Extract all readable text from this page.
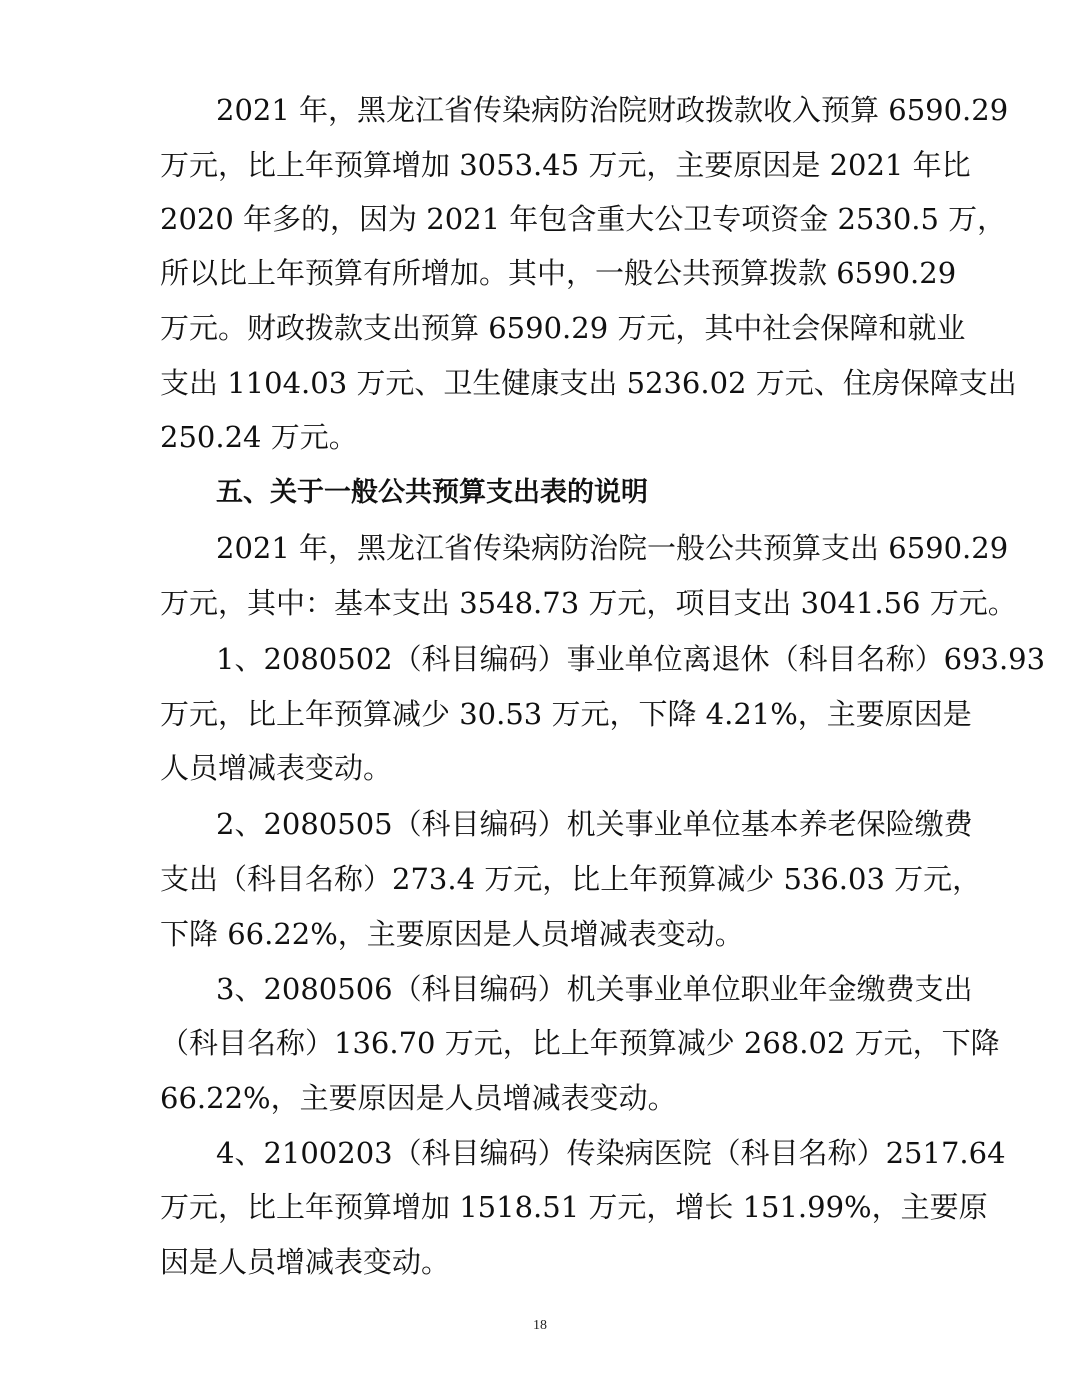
2021 年，黑龙江省传染病防治院财政拨款收入预算 6590.29
万元，比上年预算增加 3053.45 万元，主要原因是 2021 年比
2020 年多的，因为 2021 年包含重大公卫专项资金 2530.5 万，
所以比上年预算有所增加。其中，一般公共预算拨款 6590.29
万元。财政拨款支出预算 6590.29 万元，其中社会保障和就业
支出 1104.03 万元、卫生健康支出 5236.02 万元、住房保障支出
250.24 万元。
五、关于一般公共预算支出表的说明
2021 年，黑龙江省传染病防治院一般公共预算支出 6590.29
万元，其中：基本支出 3548.73 万元，项目支出 3041.56 万元。
1、2080502（科目编码）事业单位离退休（科目名称）693.93
万元，比上年预算减少 30.53 万元，下降 4.21%，主要原因是
人员增减表变动。
2、2080505（科目编码）机关事业单位基本养老保险缴费
支出（科目名称）273.4 万元，比上年预算减少 536.03 万元，
下降 66.22%，主要原因是人员增减表变动。
3、2080506（科目编码）机关事业单位职业年金缴费支出
（科目名称）136.70 万元，比上年预算减少 268.02 万元，下降
66.22%，主要原因是人员增减表变动。
4、2100203（科目编码）传染病医院（科目名称）2517.64
万元，比上年预算增加 1518.51 万元，增长 151.99%，主要原
因是人员增减表变动。
18
